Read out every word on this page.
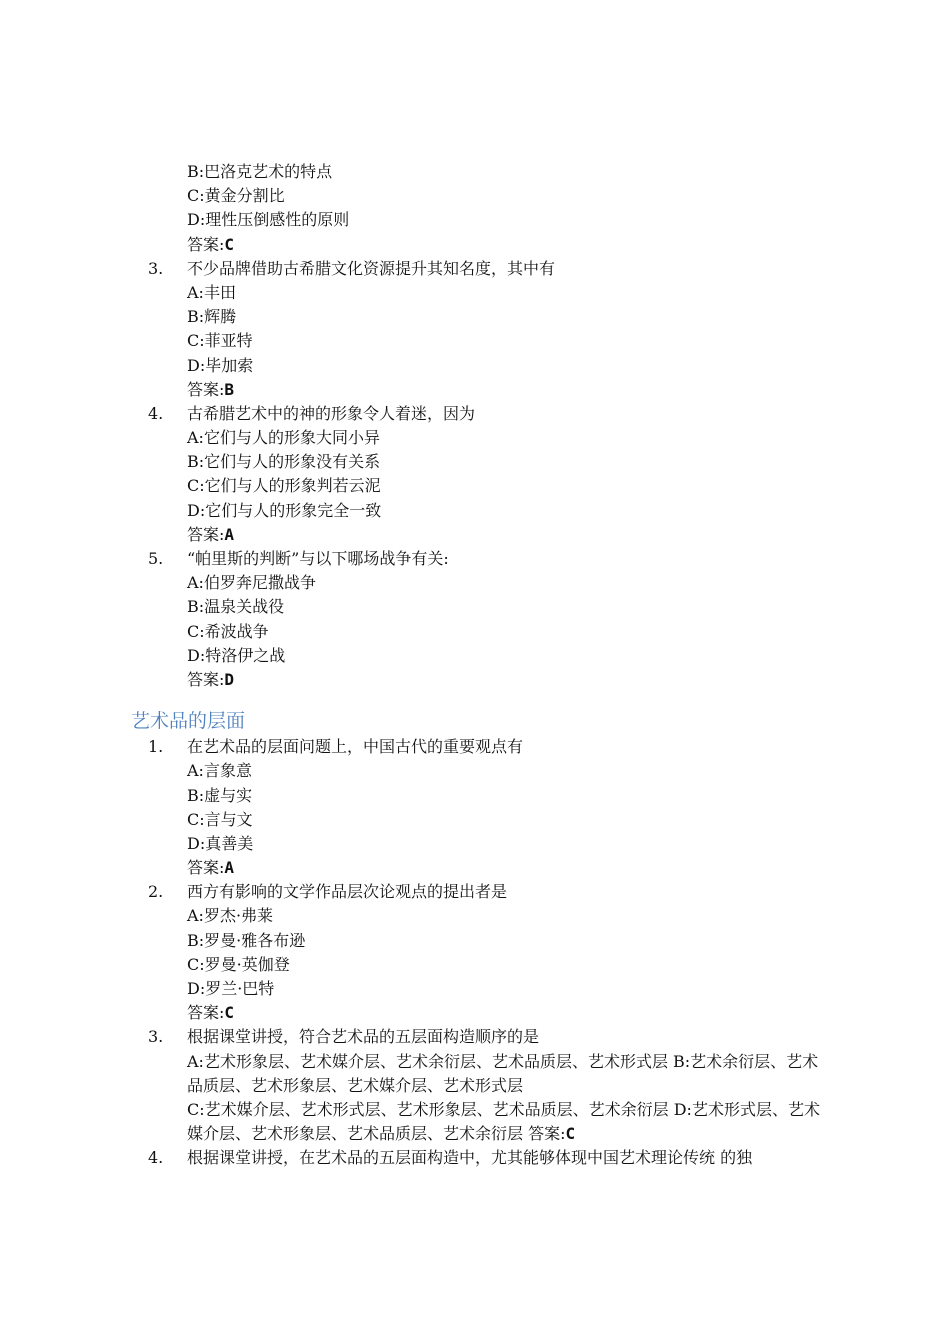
B:巴洛克艺术的特点
C:黄金分割比
D:理性压倒感性的原则
答案:C
3. 不少品牌借助古希腊文化资源提升其知名度，其中有
A:丰田
B:辉腾
C:菲亚特
D:毕加索
答案:B
4. 古希腊艺术中的神的形象令人着迷，因为
A:它们与人的形象大同小异
B:它们与人的形象没有关系
C:它们与人的形象判若云泥
D:它们与人的形象完全一致
答案:A
5. “帕里斯的判断”与以下哪场战争有关:
A:伯罗奔尼撒战争
B:温泉关战役
C:希波战争
D:特洛伊之战
答案:D
艺术品的层面
1. 在艺术品的层面问题上，中国古代的重要观点有
A:言象意
B:虚与实
C:言与文
D:真善美
答案:A
2. 西方有影响的文学作品层次论观点的提出者是
A:罗杰·弗莱
B:罗曼·雅各布逊
C:罗曼·英伽登
D:罗兰·巴特
答案:C
3. 根据课堂讲授，符合艺术品的五层面构造顺序的是
A:艺术形象层、艺术媒介层、艺术余衍层、艺术品质层、艺术形式层 B:艺术余衍层、艺术品质层、艺术形象层、艺术媒介层、艺术形式层
C:艺术媒介层、艺术形式层、艺术形象层、艺术品质层、艺术余衍层 D:艺术形式层、艺术媒介层、艺术形象层、艺术品质层、艺术余衍层 答案:C
4. 根据课堂讲授，在艺术品的五层面构造中，尤其能够体现中国艺术理论传统 的独
